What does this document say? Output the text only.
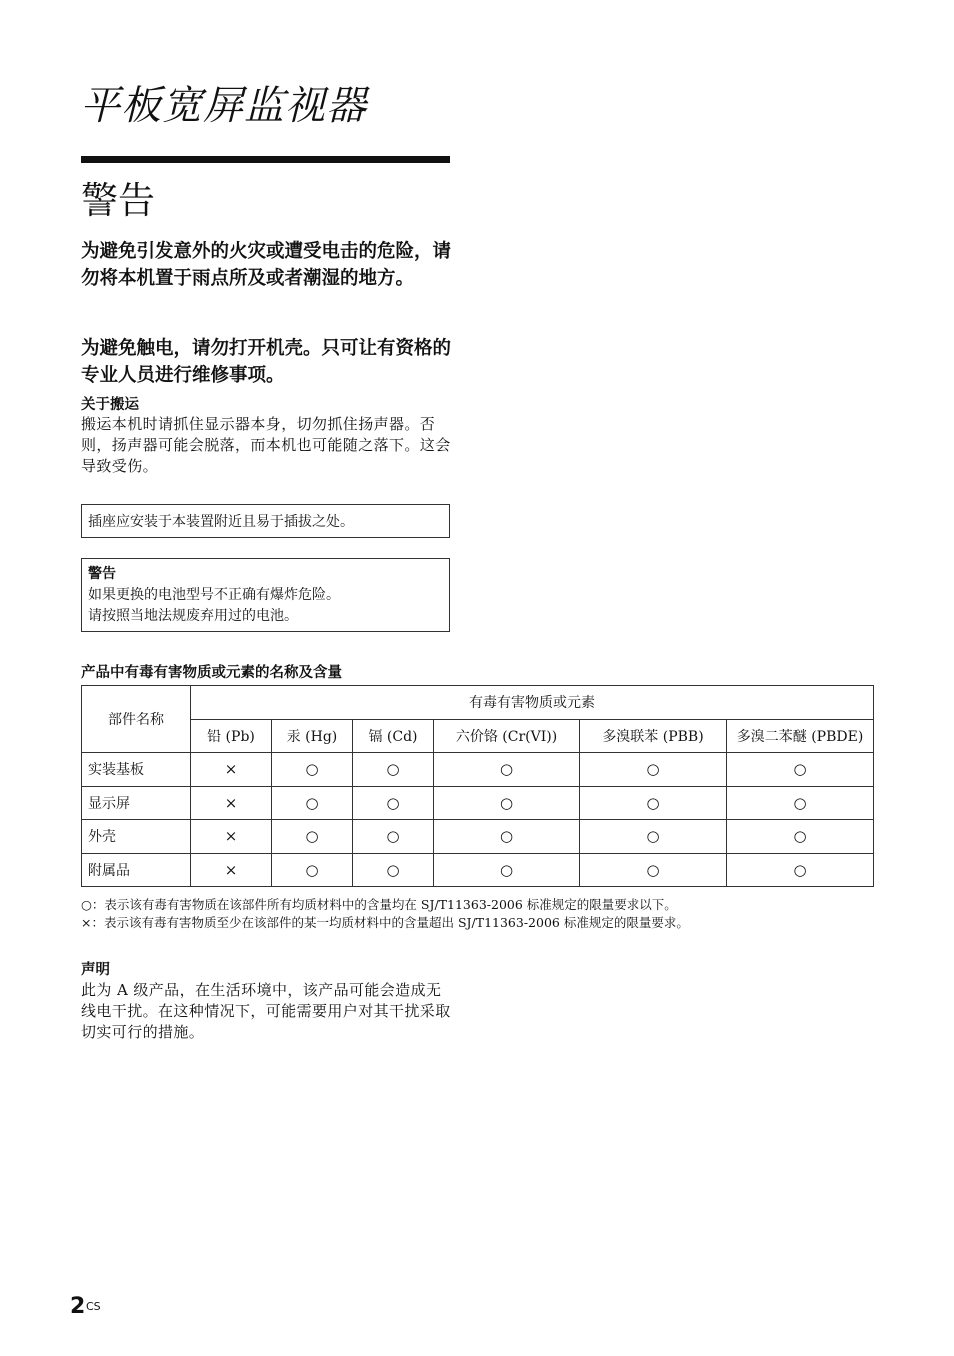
平板宽屏监视器
警告
为避免引发意外的火灾或遭受电击的危险，请勿将本机置于雨点所及或者潮湿的地方。
为避免触电，请勿打开机壳。只可让有资格的专业人员进行维修事项。
关于搬运
搬运本机时请抓住显示器本身，切勿抓住扬声器。否则，扬声器可能会脱落，而本机也可能随之落下。这会导致受伤。
插座应安装于本装置附近且易于插拔之处。
警告
如果更换的电池型号不正确有爆炸危险。
请按照当地法规废弃用过的电池。
产品中有毒有害物质或元素的名称及含量
部件名称	有毒有害物质或元素					
	铅 (Pb)	汞 (Hg)	镉 (Cd)	六价铬 (Cr(VI))	多溴联苯 (PBB)	多溴二苯醚 (PBDE)
实装基板	×	○	○	○	○	○
显示屏	×	○	○	○	○	○
外壳	×	○	○	○	○	○
附属品	×	○	○	○	○	○
○：表示该有毒有害物质在该部件所有均质材料中的含量均在 SJ/T11363-2006 标准规定的限量要求以下。
×：表示该有毒有害物质至少在该部件的某一均质材料中的含量超出 SJ/T11363-2006 标准规定的限量要求。
声明
此为 A 级产品，在生活环境中，该产品可能会造成无线电干扰。在这种情况下，可能需要用户对其干扰采取切实可行的措施。
2 CS
